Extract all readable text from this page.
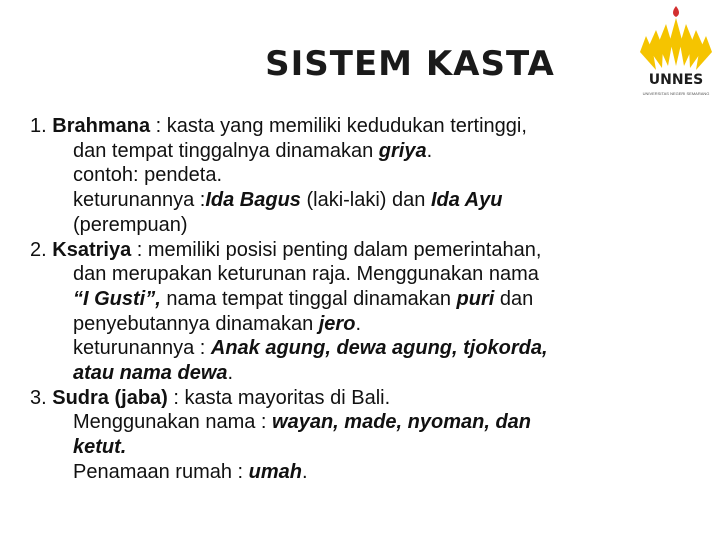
SISTEM KASTA	UNNES
UNIVERSITAS NEGERI SEMARANG
1. Brahmana : kasta yang memiliki kedudukan tertinggi,
dan tempat tinggalnya dinamakan griya.
contoh: pendeta.
keturunannya :Ida Bagus (laki-laki) dan Ida Ayu
(perempuan)
2. Ksatriya : memiliki posisi penting dalam pemerintahan,
dan merupakan keturunan raja. Menggunakan nama
“I Gusti”, nama tempat tinggal dinamakan puri dan
penyebutannya dinamakan jero.
keturunannya : Anak agung, dewa agung, tjokorda,
atau nama dewa.
3. Sudra (jaba) : kasta mayoritas di Bali.
Menggunakan nama : wayan, made, nyoman, dan
ketut.
Penamaan rumah : umah.
